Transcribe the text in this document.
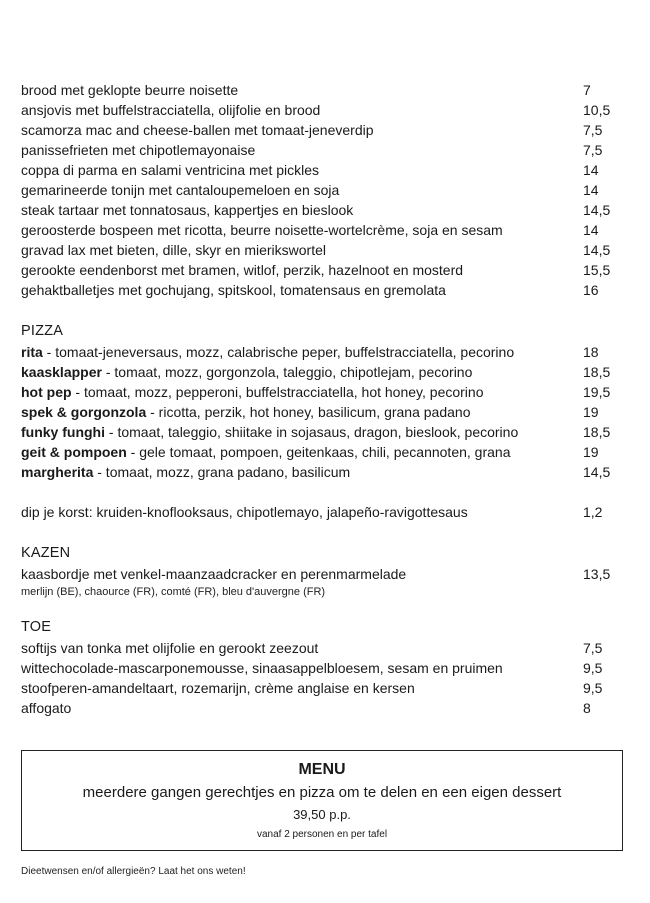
brood met geklopte beurre noisette	7
ansjovis met buffelstracciatella, olijfolie en brood	10,5
scamorza mac and cheese-ballen met tomaat-jeneverdip	7,5
panissefrieten met chipotlemayonaise	7,5
coppa di parma en salami ventricina met pickles	14
gemarineerde tonijn met cantaloupemeloen en soja	14
steak tartaar met tonnatosaus, kappertjes en bieslook	14,5
geroosterde bospeen met ricotta, beurre noisette-wortelcrème, soja en sesam	14
gravad lax met bieten, dille, skyr en mierikswortel	14,5
gerookte eendenborst met bramen, witlof, perzik, hazelnoot en mosterd	15,5
gehaktballetjes met gochujang, spitskool, tomatensaus en gremolata	16
PIZZA
rita - tomaat-jeneversaus, mozz, calabrische peper, buffelstracciatella, pecorino	18
kaasklapper - tomaat, mozz, gorgonzola, taleggio, chipotlejam, pecorino	18,5
hot pep - tomaat, mozz, pepperoni, buffelstracciatella, hot honey, pecorino	19,5
spek & gorgonzola - ricotta, perzik, hot honey, basilicum, grana padano	19
funky funghi - tomaat, taleggio, shiitake in sojasaus, dragon, bieslook, pecorino	18,5
geit & pompoen - gele tomaat, pompoen, geitenkaas, chili, pecannoten, grana	19
margherita - tomaat, mozz, grana padano, basilicum	14,5
dip je korst: kruiden-knoflooksaus, chipotlemayo, jalapeño-ravigottesaus	1,2
KAZEN
kaasbordje met venkel-maanzaadcracker en perenmarmelade	13,5
merlijn (BE), chaource (FR), comté (FR), bleu d'auvergne (FR)
TOE
softijs van tonka met olijfolie en gerookt zeezout	7,5
wittechocolade-mascarponemousse, sinaasappelbloesem, sesam en pruimen	9,5
stoofperen-amandeltaart, rozemarijn, crème anglaise en kersen	9,5
affogato	8
MENU
meerdere gangen gerechtjes en pizza om te delen en een eigen dessert
39,50 p.p.
vanaf 2 personen en per tafel
Dieetwensen en/of allergieën? Laat het ons weten!
